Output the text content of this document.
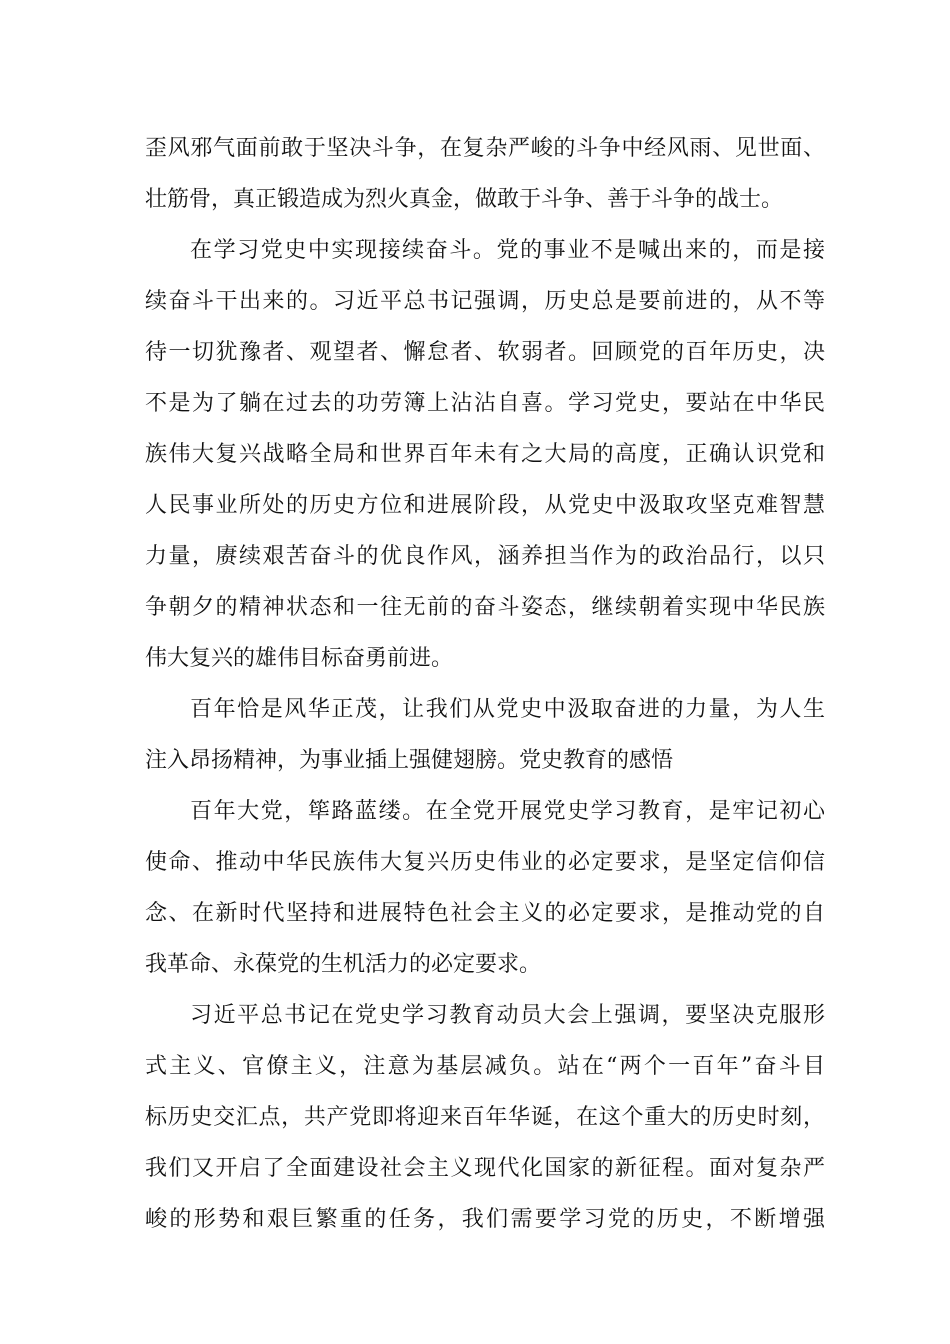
歪风邪气面前敢于坚决斗争，在复杂严峻的斗争中经风雨、见世面、
壮筋骨，真正锻造成为烈火真金，做敢于斗争、善于斗争的战士。
在学习党史中实现接续奋斗。党的事业不是喊出来的，而是接
续奋斗干出来的。习近平总书记强调，历史总是要前进的，从不等
待一切犹豫者、观望者、懈怠者、软弱者。回顾党的百年历史，决
不是为了躺在过去的功劳簿上沾沾自喜。学习党史，要站在中华民
族伟大复兴战略全局和世界百年未有之大局的高度，正确认识党和
人民事业所处的历史方位和进展阶段，从党史中汲取攻坚克难智慧
力量，赓续艰苦奋斗的优良作风，涵养担当作为的政治品行，以只
争朝夕的精神状态和一往无前的奋斗姿态，继续朝着实现中华民族
伟大复兴的雄伟目标奋勇前进。
百年恰是风华正茂，让我们从党史中汲取奋进的力量，为人生
注入昂扬精神，为事业插上强健翅膀。党史教育的感悟
百年大党，筚路蓝缕。在全党开展党史学习教育，是牢记初心
使命、推动中华民族伟大复兴历史伟业的必定要求，是坚定信仰信
念、在新时代坚持和进展特色社会主义的必定要求，是推动党的自
我革命、永葆党的生机活力的必定要求。
习近平总书记在党史学习教育动员大会上强调，要坚决克服形
式主义、官僚主义，注意为基层减负。站在“两个一百年”奋斗目
标历史交汇点，共产党即将迎来百年华诞，在这个重大的历史时刻，
我们又开启了全面建设社会主义现代化国家的新征程。面对复杂严
峻的形势和艰巨繁重的任务，我们需要学习党的历史，不断增强
